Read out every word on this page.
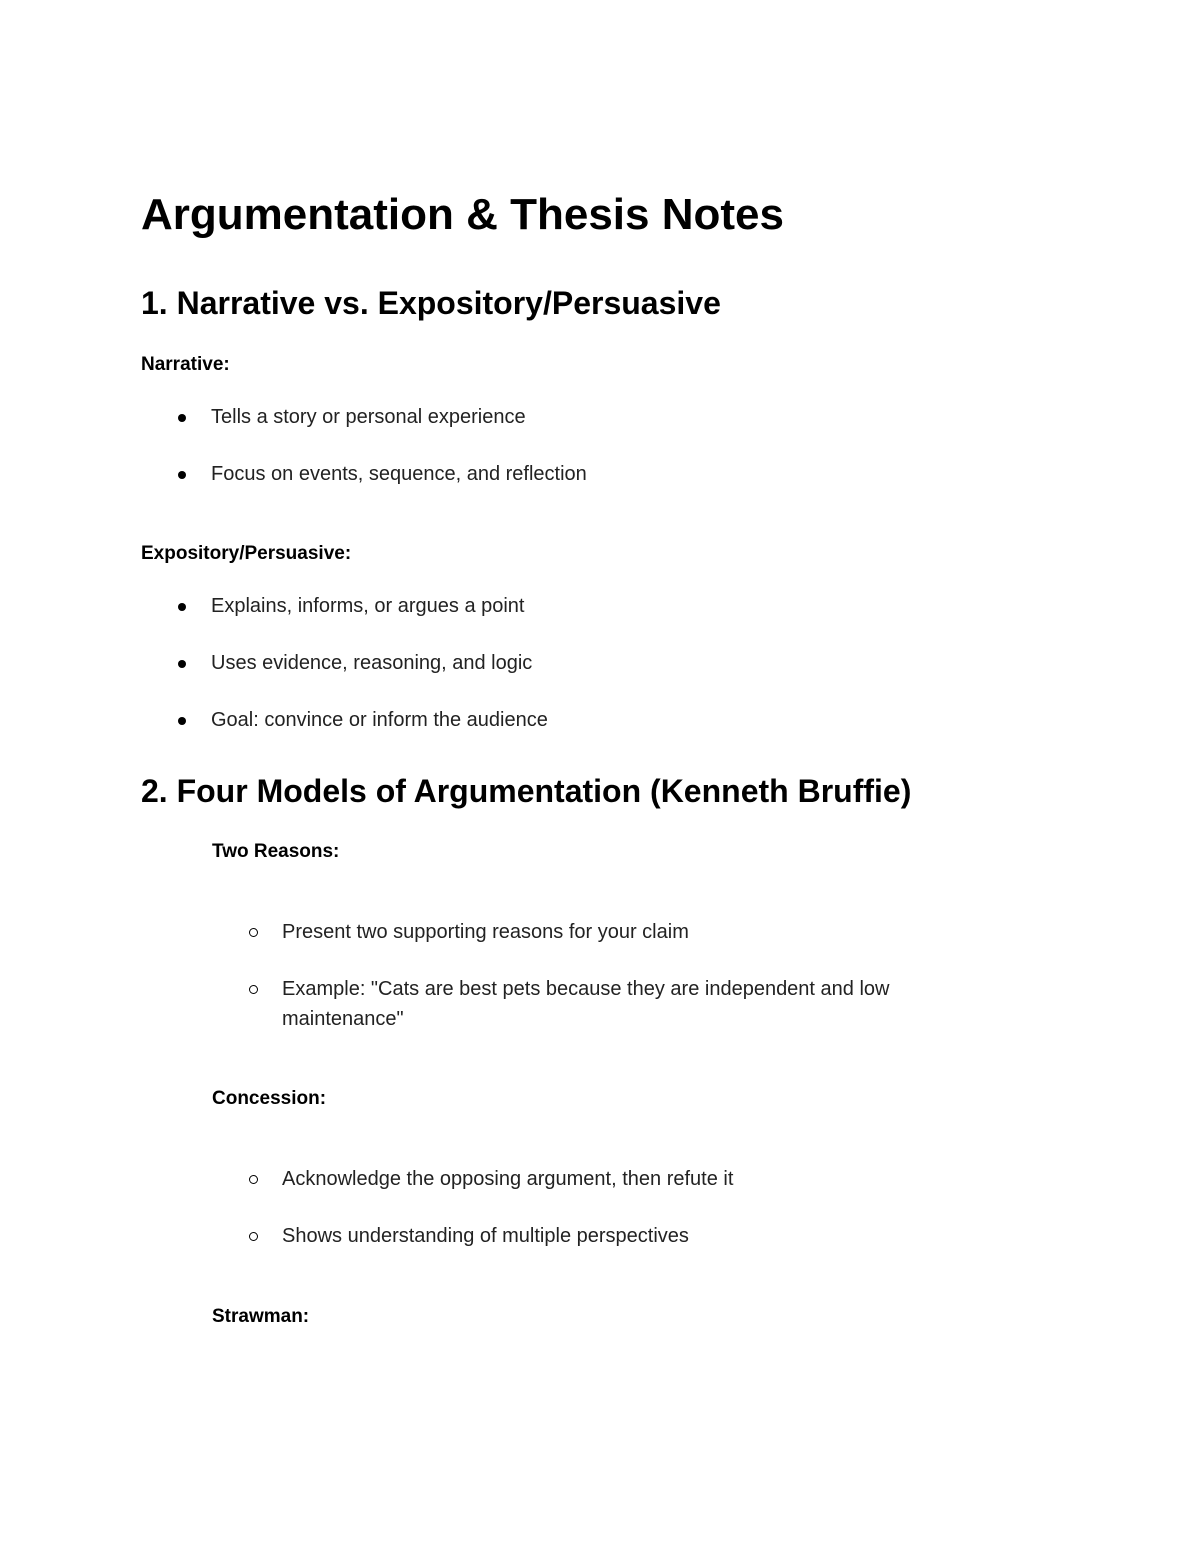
Argumentation & Thesis Notes
1. Narrative vs. Expository/Persuasive
Narrative:
Tells a story or personal experience
Focus on events, sequence, and reflection
Expository/Persuasive:
Explains, informs, or argues a point
Uses evidence, reasoning, and logic
Goal: convince or inform the audience
2. Four Models of Argumentation (Kenneth Bruffie)
Two Reasons:
Present two supporting reasons for your claim
Example: "Cats are best pets because they are independent and low maintenance"
Concession:
Acknowledge the opposing argument, then refute it
Shows understanding of multiple perspectives
Strawman:
